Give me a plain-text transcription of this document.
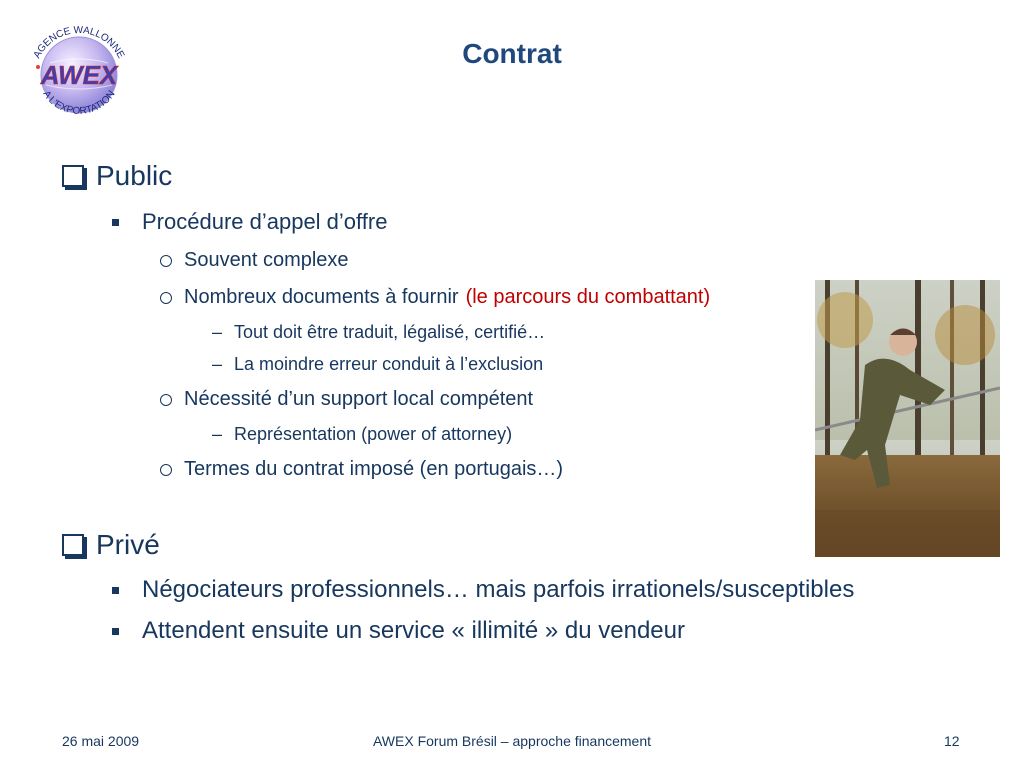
AGENCE WALLONNE
A L'EXPORTATION
AWEX
Contrat
Public
Procédure d’appel d’offre
Souvent complexe
Nombreux documents à fournir (le parcours du combattant)
– Tout doit être traduit, légalisé, certifié…
– La moindre erreur conduit à l’exclusion
Nécessité d’un support local compétent
– Représentation (power of attorney)
Termes du contrat imposé (en portugais…)
Privé
Négociateurs professionnels… mais parfois irrationels/susceptibles
Attendent ensuite un service « illimité » du vendeur
26 mai 2009	AWEX Forum Brésil – approche financement	12
